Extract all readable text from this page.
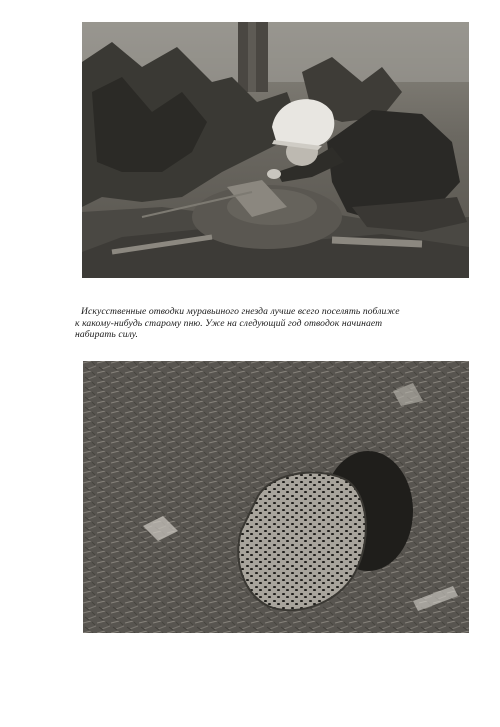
Искусственные отводки муравьиного гнезда лучше всего поселять поближе
к какому-нибудь старому пню. Уже на следующий год отводок начинает
набирать силу.
